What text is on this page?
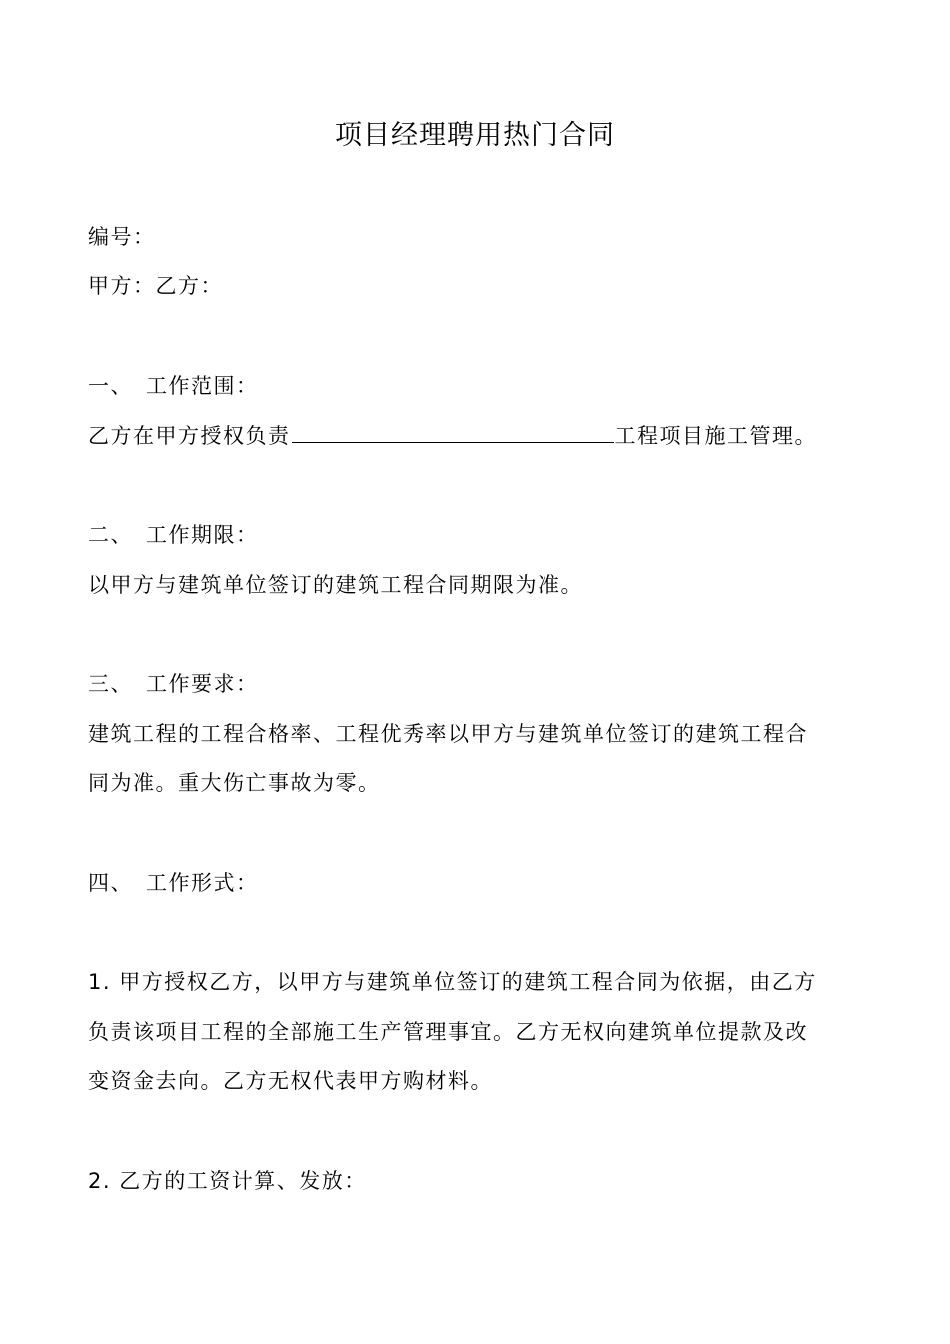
项目经理聘用热门合同
编号：
甲方：乙方：
一、 工作范围：
乙方在甲方授权负责	工程项目施工管理。
二、 工作期限：
以甲方与建筑单位签订的建筑工程合同期限为准。
三、 工作要求：
建筑工程的工程合格率、工程优秀率以甲方与建筑单位签订的建筑工程合
同为准。重大伤亡事故为零。
四、 工作形式：
1. 甲方授权乙方，以甲方与建筑单位签订的建筑工程合同为依据，由乙方
负责该项目工程的全部施工生产管理事宜。乙方无权向建筑单位提款及改
变资金去向。乙方无权代表甲方购材料。
2. 乙方的工资计算、发放：
